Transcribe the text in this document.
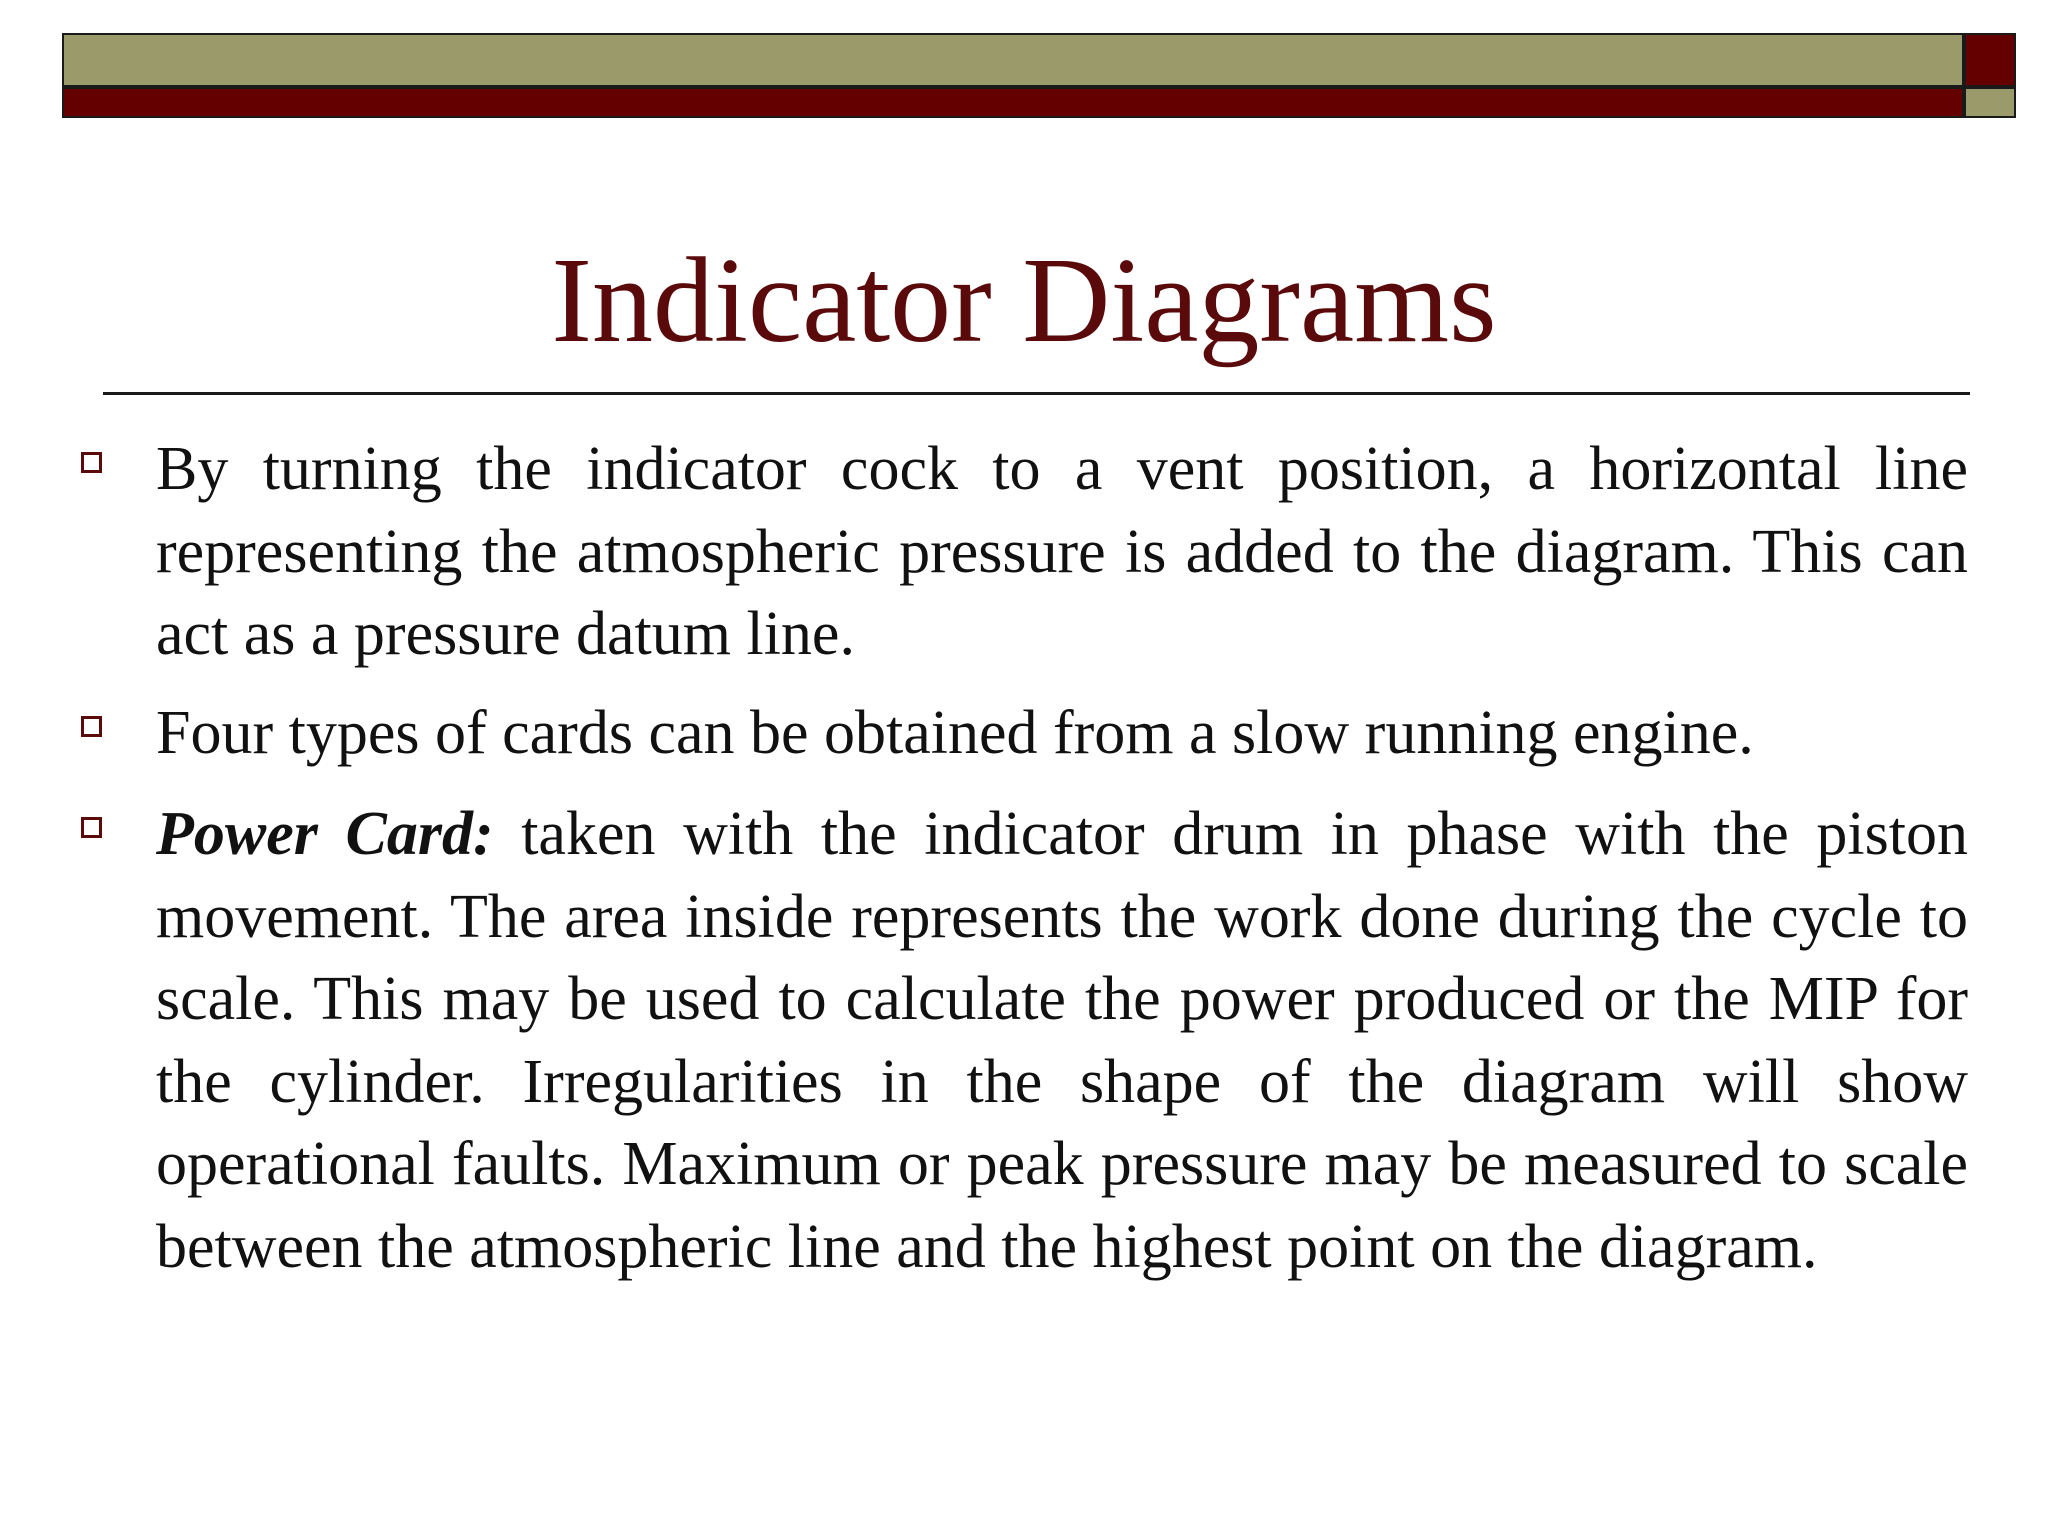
Indicator Diagrams
By turning the indicator cock to a vent position, a horizontal line representing the atmospheric pressure is added to the diagram. This can act as a pressure datum line.
Four types of cards can be obtained from a slow running engine.
Power Card: taken with the indicator drum in phase with the piston movement. The area inside represents the work done during the cycle to scale. This may be used to calculate the power produced or the MIP for the cylinder. Irregularities in the shape of the diagram will show operational faults. Maximum or peak pressure may be measured to scale between the atmospheric line and the highest point on the diagram.
